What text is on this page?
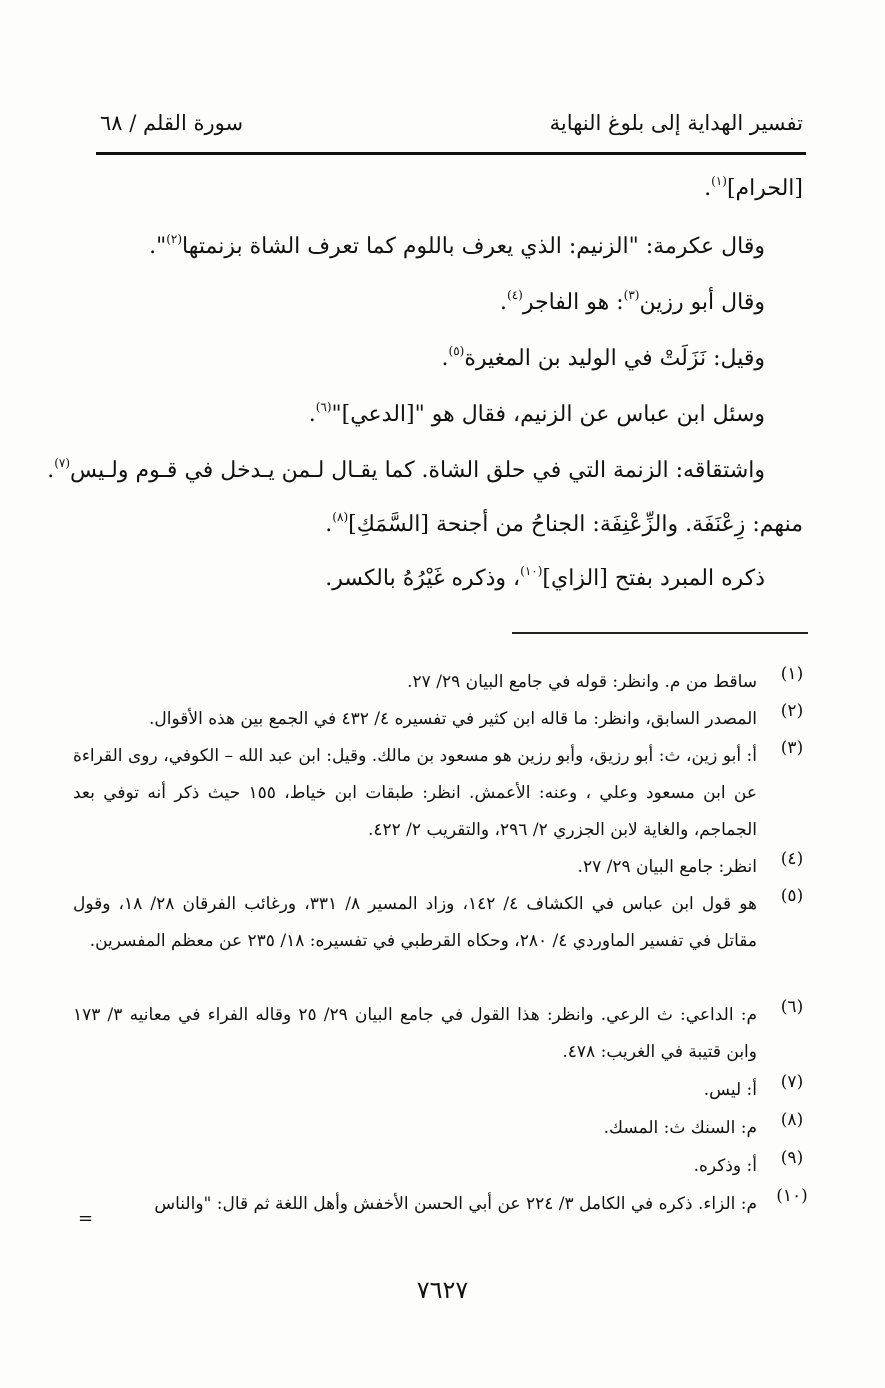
سورة القلم / ٦٨	تفسير الهداية إلى بلوغ النهاية

[الحرام]$^{(١)}$.

وقال عكرمة: "الزنيم: الذي يعرف باللوم كما تعرف الشاة بزنمتها$^{(٢)}$".

وقال أبو رزين$^{(٣)}$: هو الفاجر$^{(٤)}$.

وقيل: نَزَلَتْ في الوليد بن المغيرة$^{(٥)}$.

وسئل ابن عباس عن الزنيم، فقال هو "[الدعي]"$^{(٦)}$.

واشتقاقه: الزنمة التي في حلق الشاة. كما يقـال لـمن يـدخل في قـوم ولـيس$^{(٧)}$.

منهم: زِعْنَفَة. والزِّعْنِفَة: الجناحُ من أجنحة [السَّمَكِ]$^{(٨)}$.

ذكره المبرد بفتح [الزاي]$^{(١٠)}$، وذكره غَيْرُهُ بالكسر.

(١)
ساقط من م. وانظر: قوله في جامع البيان ٢٩/ ٢٧.
(٢)
المصدر السابق، وانظر: ما قاله ابن كثير في تفسيره ٤/ ٤٣٢ في الجمع بين هذه الأقوال.
(٣)
أ: أبو زين، ث: أبو رزيق، وأبو رزين هو مسعود بن مالك. وقيل: ابن عبد الله – الكوفي، روى القراءة عن ابن مسعود وعلي ، وعنه: الأعمش. انظر: طبقات ابن خياط، ١٥٥ حيث ذكر أنه توفي بعد الجماجم، والغاية لابن الجزري ٢/ ٢٩٦، والتقريب ٢/ ٤٢٢.
(٤)
انظر: جامع البيان ٢٩/ ٢٧.
(٥)
هو قول ابن عباس في الكشاف ٤/ ١٤٢، وزاد المسير ٨/ ٣٣١، ورغائب الفرقان ٢٨/ ١٨، وقول مقاتل في تفسير الماوردي ٤/ ٢٨٠، وحكاه القرطبي في تفسيره: ١٨/ ٢٣٥ عن معظم المفسرين.
(٦)
م: الداعي: ث الرعي. وانظر: هذا القول في جامع البيان ٢٩/ ٢٥ وقاله الفراء في معانيه ٣/ ١٧٣ وابن قتيبة في الغريب: ٤٧٨.
(٧)
أ: ليس.
(٨)
م: السنك ث: المسك.
(٩)
أ: وذكره.
(١٠)
م: الزاء. ذكره في الكامل ٣/ ٢٢٤ عن أبي الحسن الأخفش وأهل اللغة ثم قال: "والناس
=
٧٦٢٧
